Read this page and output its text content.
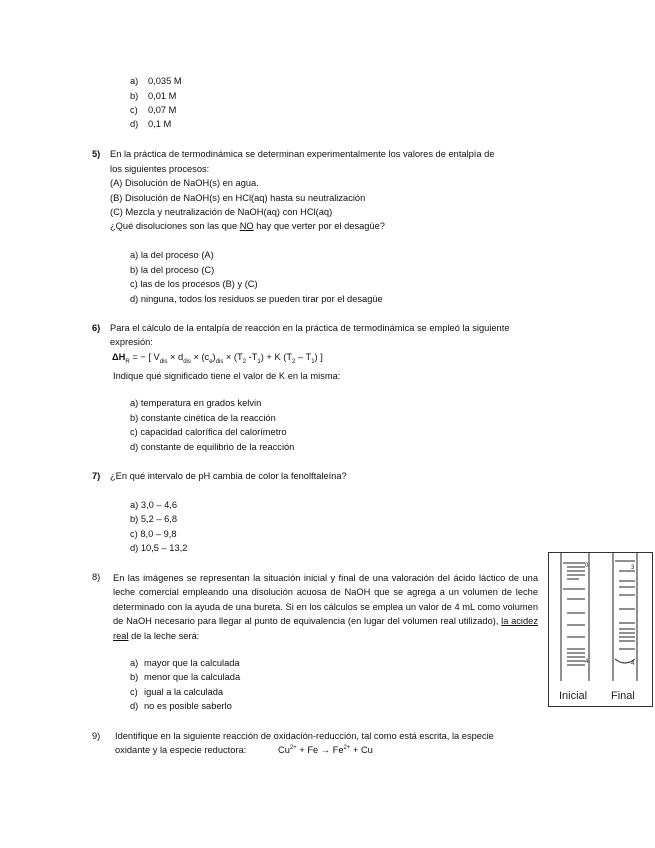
a) 0,035 M
b) 0,01 M
c) 0,07 M
d) 0,1 M
5) En la práctica de termodinámica se determinan experimentalmente los valores de entalpía de
los siguientes procesos:
(A) Disolución de NaOH(s) en agua.
(B) Disolución de NaOH(s) en HCl(aq) hasta su neutralización
(C) Mezcla y neutralización de NaOH(aq) con HCl(aq)
¿Qué disoluciones son las que NO hay que verter por el desagüe?
a) la del proceso (A)
b) la del proceso (C)
c) las de los procesos (B) y (C)
d) ninguna, todos los residuos se pueden tirar por el desagüe
6) Para el cálculo de la entalpía de reacción en la práctica de termodinámica se empleó la siguiente
expresión:
$\Delta H_R$ = − [ $V_{dis} \times d_{dis} \times (c_e)_{dis} \times (T_2$ $-T_1) + K$ $(T_2 - T_1)$ ]
Indique qué significado tiene el valor de K en la misma:
a) temperatura en grados kelvin
b) constante cinética de la reacción
c) capacidad calorífica del calorímetro
d) constante de equilibrio de la reacción
7) ¿En qué intervalo de pH cambia de color la fenolftaleína?
a) 3,0 – 4,6
b) 5,2 – 6,8
c) 8,0 – 9,8
d) 10,5 – 13,2
8) En las imágenes se representan la situación inicial y final de una valoración del ácido láctico de una leche comercial empleando una disolución acuosa de NaOH que se agrega a un volumen de leche determinado con la ayuda de una bureta. Si en los cálculos se emplea un valor de 4 mL como volumen de NaOH necesario para llegar al punto de equivalencia (en lugar del volumen real utilizado), la acidez real de la leche será:
a) mayor que la calculada
b) menor que la calculada
c) igual a la calculada
d) no es posible saberlo
0
4
3
4
Inicial Final
9) Identifique en la siguiente reacción de oxidación-reducción, tal como está escrita, la especie
oxidante y la especie reductora:	$Cu^{2+} + Fe \to Fe^{2+} + Cu$
